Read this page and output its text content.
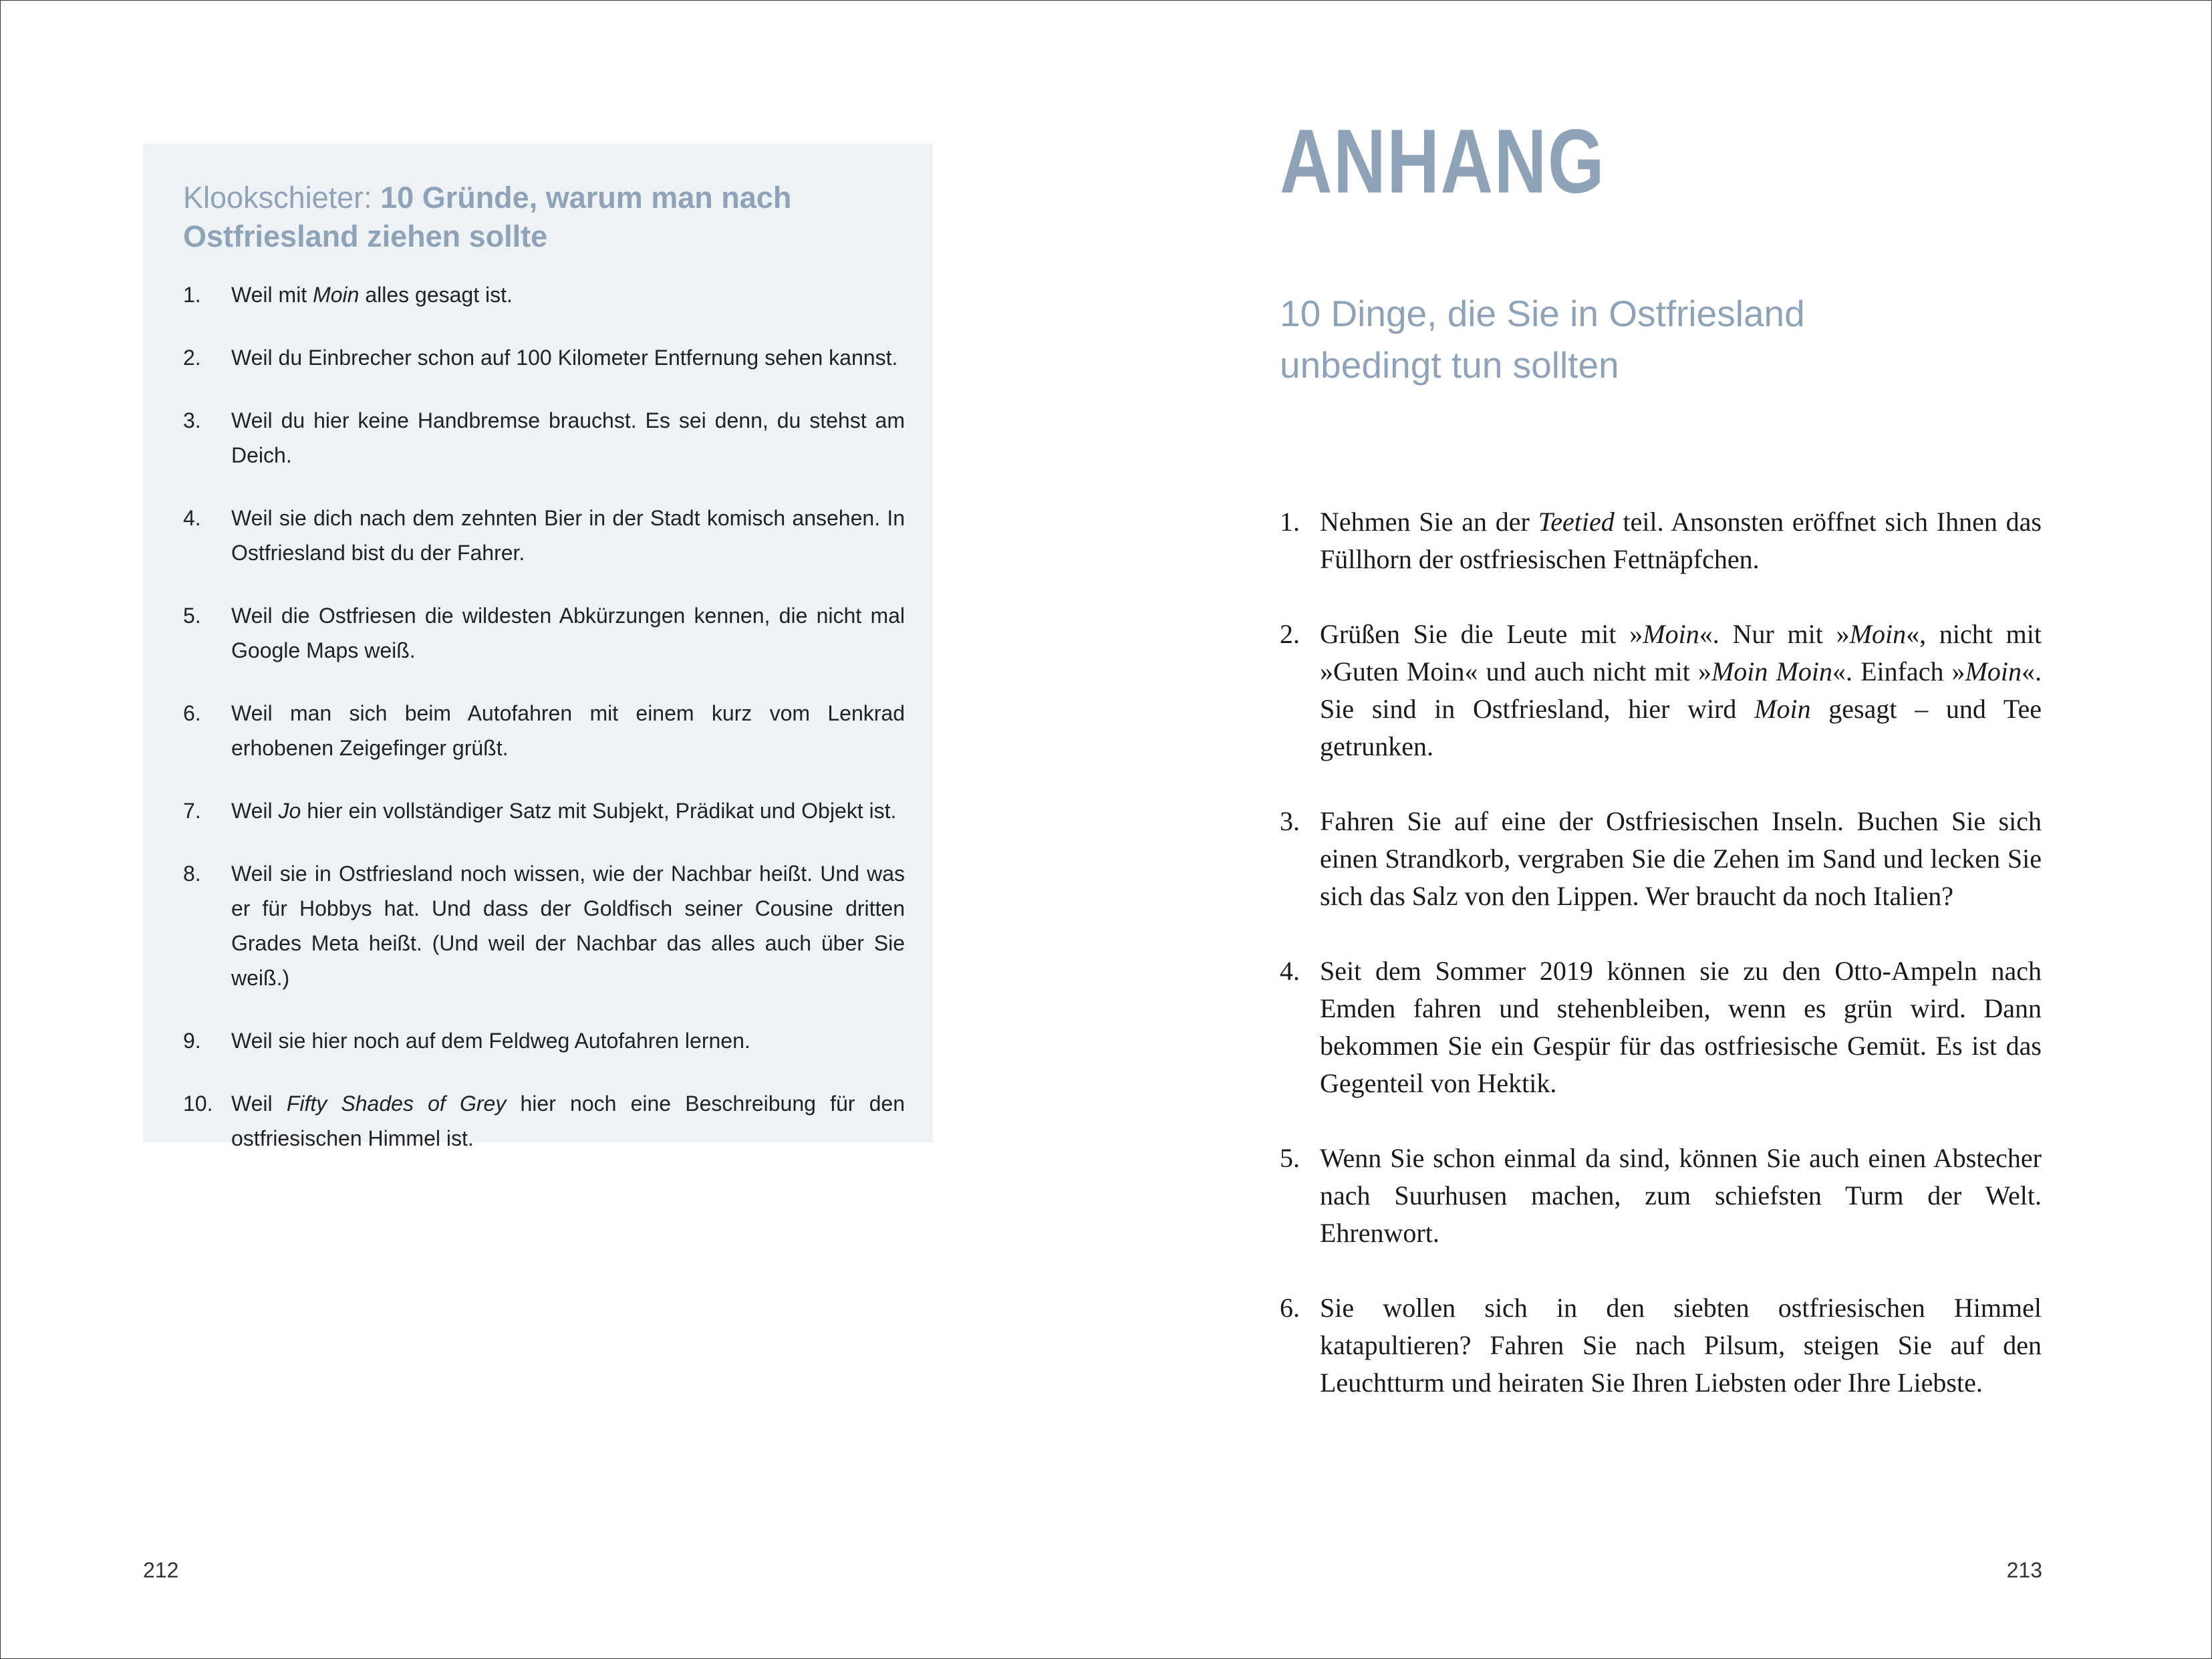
Klookschieter: 10 Gründe, warum man nach Ostfriesland ziehen sollte
1. Weil mit Moin alles gesagt ist.
2. Weil du Einbrecher schon auf 100 Kilometer Entfernung sehen kannst.
3. Weil du hier keine Handbremse brauchst. Es sei denn, du stehst am Deich.
4. Weil sie dich nach dem zehnten Bier in der Stadt komisch ansehen. In Ostfriesland bist du der Fahrer.
5. Weil die Ostfriesen die wildesten Abkürzungen kennen, die nicht mal Google Maps weiß.
6. Weil man sich beim Autofahren mit einem kurz vom Lenkrad erhobenen Zeigefinger grüßt.
7. Weil Jo hier ein vollständiger Satz mit Subjekt, Prädikat und Objekt ist.
8. Weil sie in Ostfriesland noch wissen, wie der Nachbar heißt. Und was er für Hobbys hat. Und dass der Goldfisch seiner Cousine dritten Grades Meta heißt. (Und weil der Nachbar das alles auch über Sie weiß.)
9. Weil sie hier noch auf dem Feldweg Autofahren lernen.
10. Weil Fifty Shades of Grey hier noch eine Beschreibung für den ostfriesischen Himmel ist.
212
ANHANG
10 Dinge, die Sie in Ostfriesland unbedingt tun sollten
1. Nehmen Sie an der Teetied teil. Ansonsten eröffnet sich Ihnen das Füllhorn der ostfriesischen Fettnäpfchen.
2. Grüßen Sie die Leute mit »Moin«. Nur mit »Moin«, nicht mit »Guten Moin« und auch nicht mit »Moin Moin«. Einfach »Moin«. Sie sind in Ostfriesland, hier wird Moin gesagt – und Tee getrunken.
3. Fahren Sie auf eine der Ostfriesischen Inseln. Buchen Sie sich einen Strandkorb, vergraben Sie die Zehen im Sand und lecken Sie sich das Salz von den Lippen. Wer braucht da noch Italien?
4. Seit dem Sommer 2019 können sie zu den Otto-Ampeln nach Emden fahren und stehenbleiben, wenn es grün wird. Dann bekommen Sie ein Gespür für das ostfriesische Gemüt. Es ist das Gegenteil von Hektik.
5. Wenn Sie schon einmal da sind, können Sie auch einen Abstecher nach Suurhusen machen, zum schiefsten Turm der Welt. Ehrenwort.
6. Sie wollen sich in den siebten ostfriesischen Himmel katapultieren? Fahren Sie nach Pilsum, steigen Sie auf den Leuchtturm und heiraten Sie Ihren Liebsten oder Ihre Liebste.
213
